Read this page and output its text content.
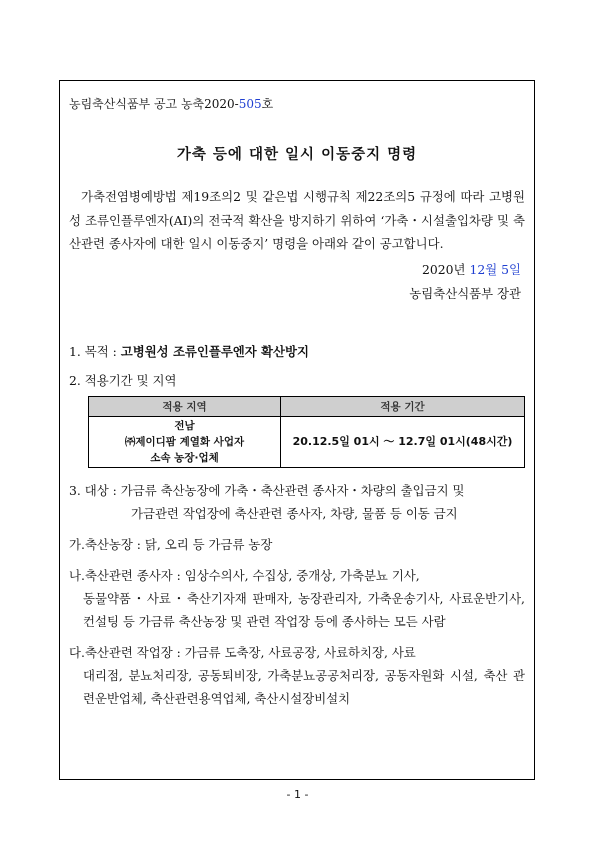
농림축산식품부 공고 농축2020-505호
가축 등에 대한 일시 이동중지 명령
가축전염병예방법 제19조의2 및 같은법 시행규칙 제22조의5 규정에 따라 고병원성 조류인플루엔자(AI)의 전국적 확산을 방지하기 위하여 ‘가축・시설출입차량 및 축산관련 종사자에 대한 일시 이동중지’ 명령을 아래와 같이 공고합니다.
2020년 12월 5일
농림축산식품부 장관
1. 목적 : 고병원성 조류인플루엔자 확산방지
2. 적용기간 및 지역
적용 지역	적용 기간

전남
㈜제이디팜 계열화 사업자
소속 농장·업체	20.12.5일 01시 ～ 12.7일 01시(48시간)
3. 대상 : 가금류 축산농장에 가축・축산관련 종사자・차량의 출입금지 및
가금관련 작업장에 축산관련 종사자, 차량, 물품 등 이동 금지
가. 축산농장 : 닭, 오리 등 가금류 농장
나. 축산관련 종사자 : 임상수의사, 수집상, 중개상, 가축분뇨 기사,
동물약품・사료・축산기자재 판매자, 농장관리자, 가축운송기사, 사료운반기사, 컨설팅 등 가금류 축산농장 및 관련 작업장 등에 종사하는 모든 사람
다. 축산관련 작업장 : 가금류 도축장, 사료공장, 사료하치장, 사료
대리점, 분뇨처리장, 공동퇴비장, 가축분뇨공공처리장, 공동자원화 시설, 축산 관련운반업체, 축산관련용역업체, 축산시설장비설치
- 1 -
